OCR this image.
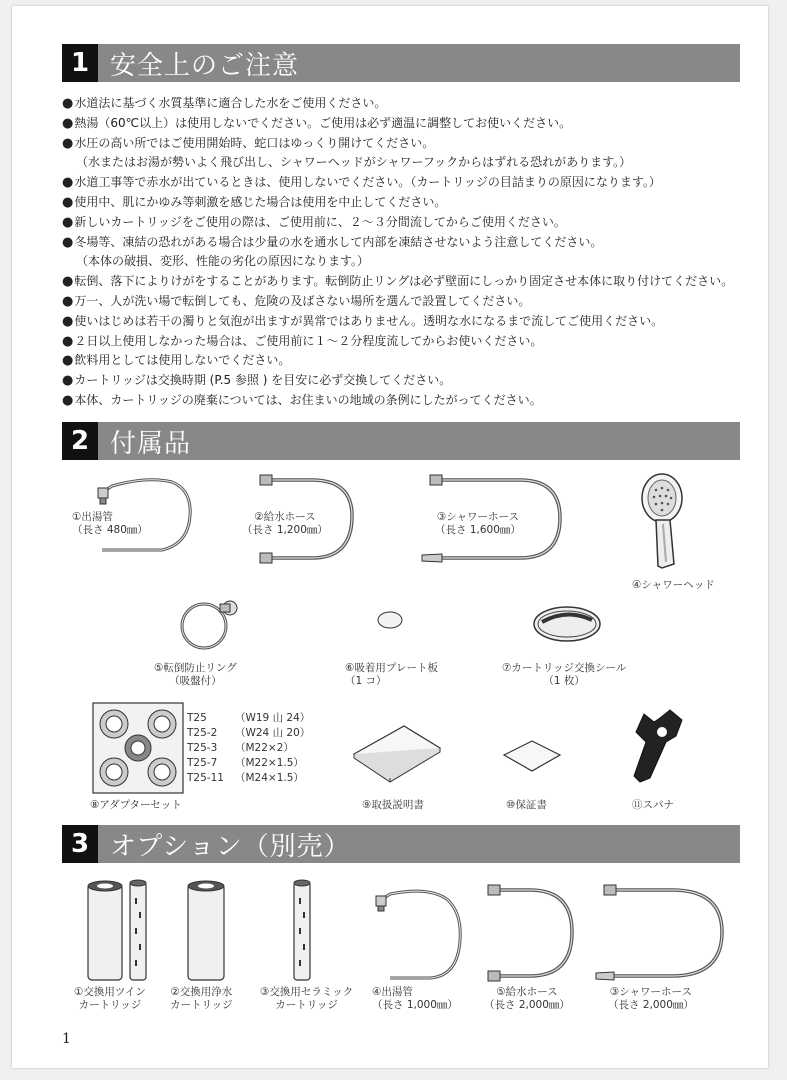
1 安全上のご注意
●水道法に基づく水質基準に適合した水をご使用ください。
●熱湯（60℃以上）は使用しないでください。ご使用は必ず適温に調整してお使いください。
●水圧の高い所ではご使用開始時、蛇口はゆっくり開けてください。
（水またはお湯が勢いよく飛び出し、シャワーヘッドがシャワーフックからはずれる恐れがあります。）
●水道工事等で赤水が出ているときは、使用しないでください。（カートリッジの目詰まりの原因になります。）
●使用中、肌にかゆみ等刺激を感じた場合は使用を中止してください。
●新しいカートリッジをご使用の際は、ご使用前に、２～３分間流してからご使用ください。
●冬場等、凍結の恐れがある場合は少量の水を通水して内部を凍結させないよう注意してください。
（本体の破損、変形、性能の劣化の原因になります。）
●転倒、落下によりけがをすることがあります。転倒防止リングは必ず壁面にしっかり固定させ本体に取り付けてください。
●万一、人が洗い場で転倒しても、危険の及ばさない場所を選んで設置してください。
●使いはじめは若干の濁りと気泡が出ますが異常ではありません。透明な水になるまで流してご使用ください。
●２日以上使用しなかった場合は、ご使用前に１～２分程度流してからお使いください。
●飲料用としては使用しないでください。
●カートリッジは交換時期 (P.5 参照 ) を目安に必ず交換してください。
●本体、カートリッジの廃棄については、お住まいの地域の条例にしたがってください。
2 付属品
①出湯管
（長さ 480㎜）
②給水ホース
（長さ 1,200㎜）
③シャワーホース
（長さ 1,600㎜）
④シャワーヘッド
⑤転倒防止リング
（吸盤付）
⑥吸着用プレート板
（1 コ）
⑦カートリッジ交換シール
（1 枚）
T25	（W19 山 24）
T25-2 （W24 山 20）
T25-3 （M22×2）
T25-7 （M22×1.5）
T25-11 （M24×1.5）
⑧アダプターセット	⑨取扱説明書	⑩保証書	⑪スパナ
3 オプション（別売）
①交換用ツイン
カートリッジ
②交換用浄水
カートリッジ
③交換用セラミック
カートリッジ
④出湯管
（長さ 1,000㎜）
⑤給水ホース
（長さ 2,000㎜）
③シャワーホース
（長さ 2,000㎜）
1
